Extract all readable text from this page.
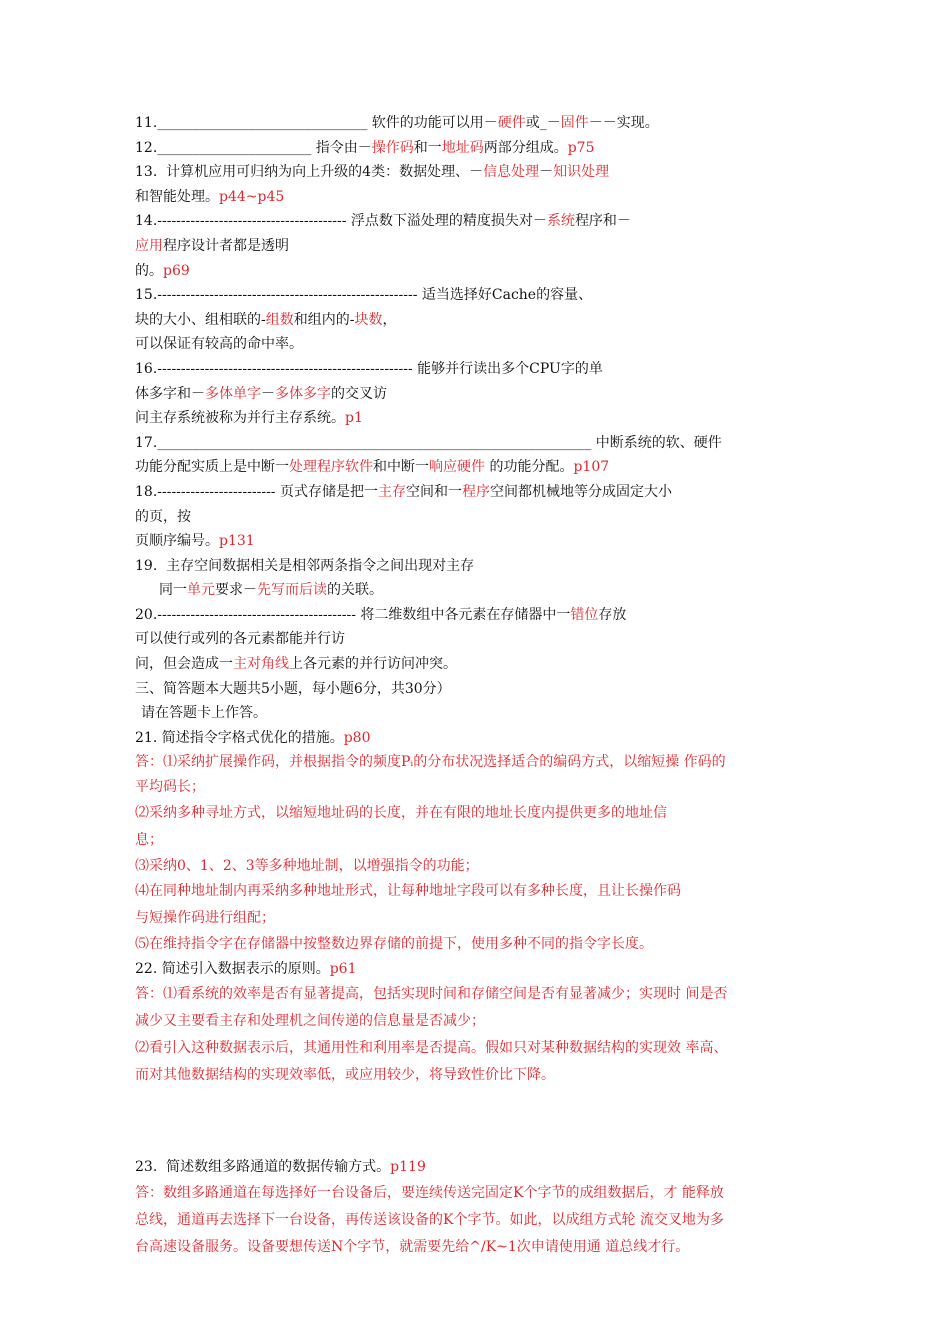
11.______________________________ 软件的功能可以用－硬件或_－固件－－实现。
12.______________________ 指令由－操作码和一地址码两部分组成。p75
13.  计算机应用可归纳为向上升级的4类：数据处理、－信息处理－知识处理
和智能处理。p44~p45
14.---------------------------------------- 浮点数下溢处理的精度损失对－系统程序和－
应用程序设计者都是透明
的。p69
15.------------------------------------------------------- 适当选择好Cache的容量、
块的大小、组相联的-组数和组内的-块数，
可以保证有较高的命中率。
16.------------------------------------------------------ 能够并行读出多个CPU字的单
体多字和－多体单字－多体多字的交叉访
问主存系统被称为并行主存系统。p1
17.______________________________________________________________ 中断系统的软、硬件
功能分配实质上是中断一处理程序软件和中断一响应硬件 的功能分配。p107
18.------------------------- 页式存储是把一主存空间和一程序空间都机械地等分成固定大小
的页，按
页顺序编号。p131
19.  主存空间数据相关是相邻两条指令之间出现对主存
同一单元要求－先写而后读的关联。
20.------------------------------------------ 将二维数组中各元素在存储器中一错位存放
可以使行或列的各元素都能并行访
问，但会造成一主对角线上各元素的并行访问冲突。
三、简答题本大题共5小题，每小题6分，共30分）
请在答题卡上作答。
21. 简述指令字格式优化的措施。p80
答：⑴采纳扩展操作码，并根据指令的频度Pᵢ的分布状况选择适合的编码方式，以缩短操 作码的
平均码长；
⑵采纳多种寻址方式，以缩短地址码的长度，并在有限的地址长度内提供更多的地址信
息；
⑶采纳0、1、2、3等多种地址制，以增强指令的功能；
⑷在同种地址制内再采纳多种地址形式，让每种地址字段可以有多种长度，且让长操作码
与短操作码进行组配；
⑸在维持指令字在存储器中按整数边界存储的前提下，使用多种不同的指令字长度。
22. 简述引入数据表示的原则。p61
答：⑴看系统的效率是否有显著提高，包括实现时间和存储空间是否有显著减少；实现时 间是否
减少又主要看主存和处理机之间传递的信息量是否减少；
⑵看引入这种数据表示后，其通用性和利用率是否提高。假如只对某种数据结构的实现效 率高、
而对其他数据结构的实现效率低，或应用较少，将导致性价比下降。
23.  简述数组多路通道的数据传输方式。p119
答：数组多路通道在每选择好一台设备后，要连续传送完固定K个字节的成组数据后，才 能释放
总线，通道再去选择下一台设备，再传送该设备的K个字节。如此，以成组方式轮 流交叉地为多
台高速设备服务。设备要想传送N个字节，就需要先给^/K~1次申请使用通 道总线才行。
